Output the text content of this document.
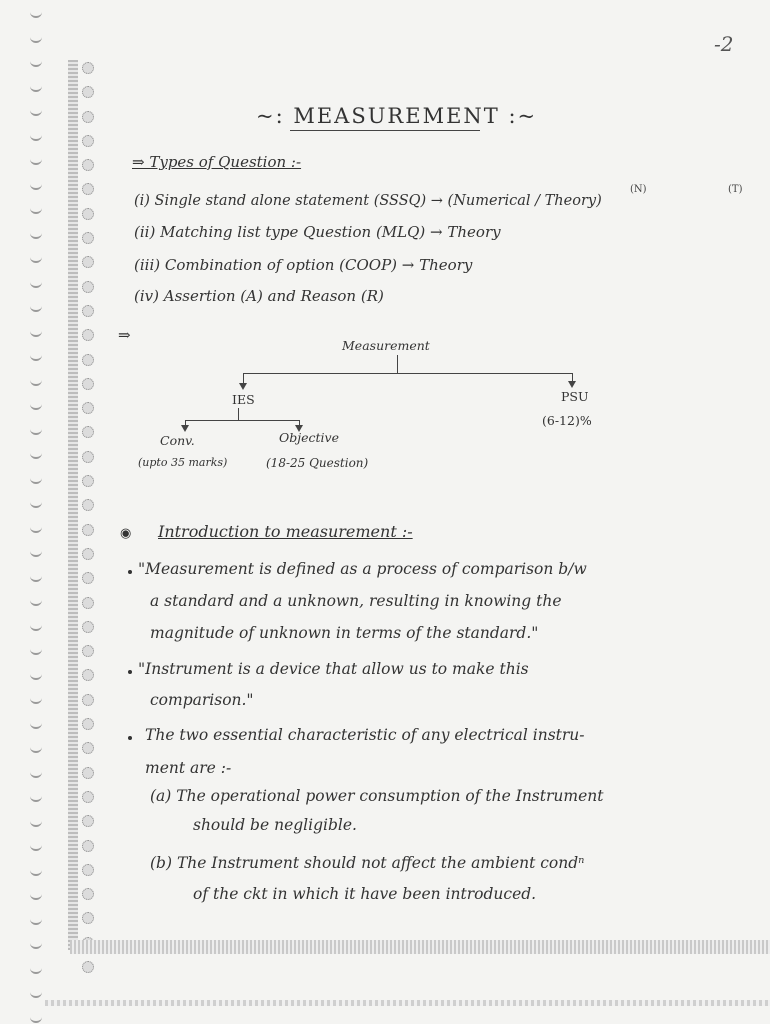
-2
~: MEASUREMENT :~
⇒ Types of Question :-
(N)	(T)
(i) Single stand alone statement (SSSQ) → (Numerical / Theory)
(ii) Matching list type Question (MLQ) → Theory
(iii) Combination of option (COOP) → Theory
(iv) Assertion (A) and Reason (R)
⇒
Measurement
IES	PSU
(6-12)%
Conv.	Objective
(upto 35 marks)	(18-25 Question)
◉ Introduction to measurement :-
"Measurement is defined as a process of comparison b/w
a standard and a unknown, resulting in knowing the
magnitude of unknown in terms of the standard."
"Instrument is a device that allow us to make this
comparison."
The two essential characteristic of any electrical instru-
ment are :-
(a) The operational power consumption of the Instrument
should be negligible.
(b) The Instrument should not affect the ambient condⁿ
of the ckt in which it have been introduced.
